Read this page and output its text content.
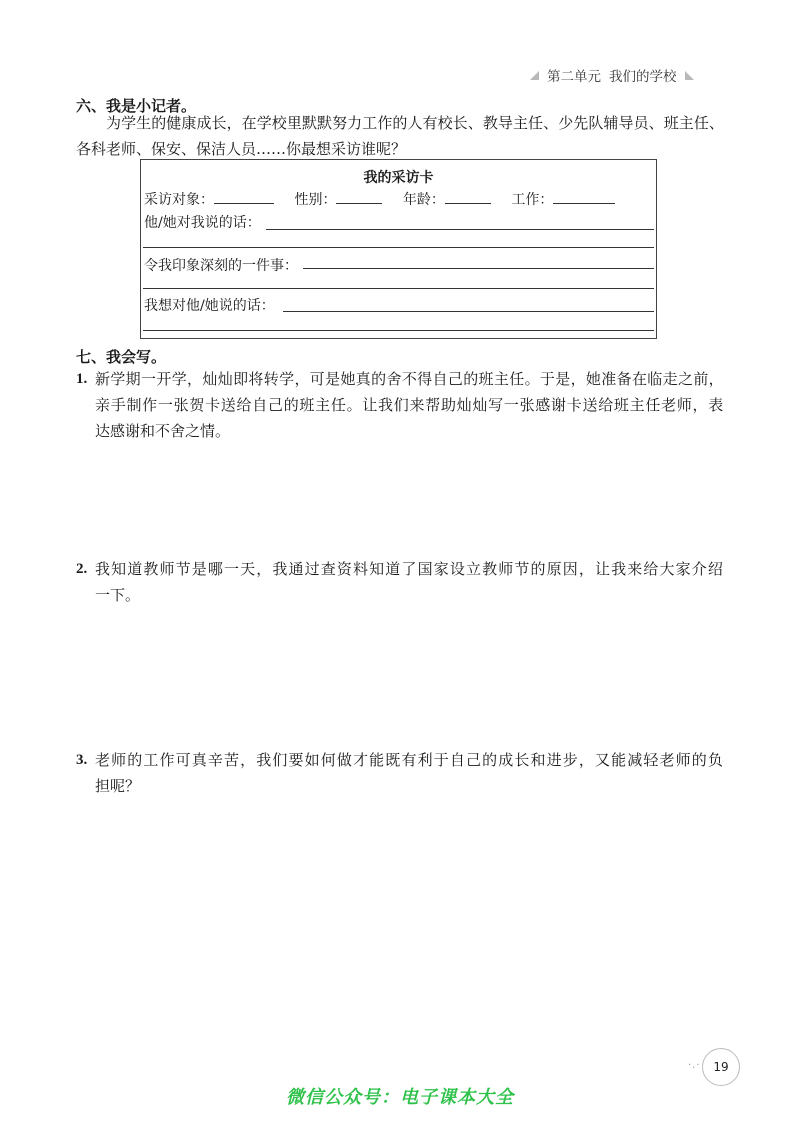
第二单元 我们的学校
六、我是小记者。
为学生的健康成长，在学校里默默努力工作的人有校长、教导主任、少先队辅导员、班主任、
各科老师、保安、保洁人员……你最想采访谁呢？
我的采访卡
采访对象：	性别：	年龄：	工作：
他/她对我说的话：
令我印象深刻的一件事：
我想对他/她说的话：
七、我会写。
1. 新学期一开学，灿灿即将转学，可是她真的舍不得自己的班主任。于是，她准备在临走之前，
亲手制作一张贺卡送给自己的班主任。让我们来帮助灿灿写一张感谢卡送给班主任老师，表
达感谢和不舍之情。
2. 我知道教师节是哪一天，我通过查资料知道了国家设立教师节的原因，让我来给大家介绍
一下。
3. 老师的工作可真辛苦，我们要如何做才能既有利于自己的成长和进步，又能减轻老师的负
担呢？
·.·	19
微信公众号：电子课本大全
